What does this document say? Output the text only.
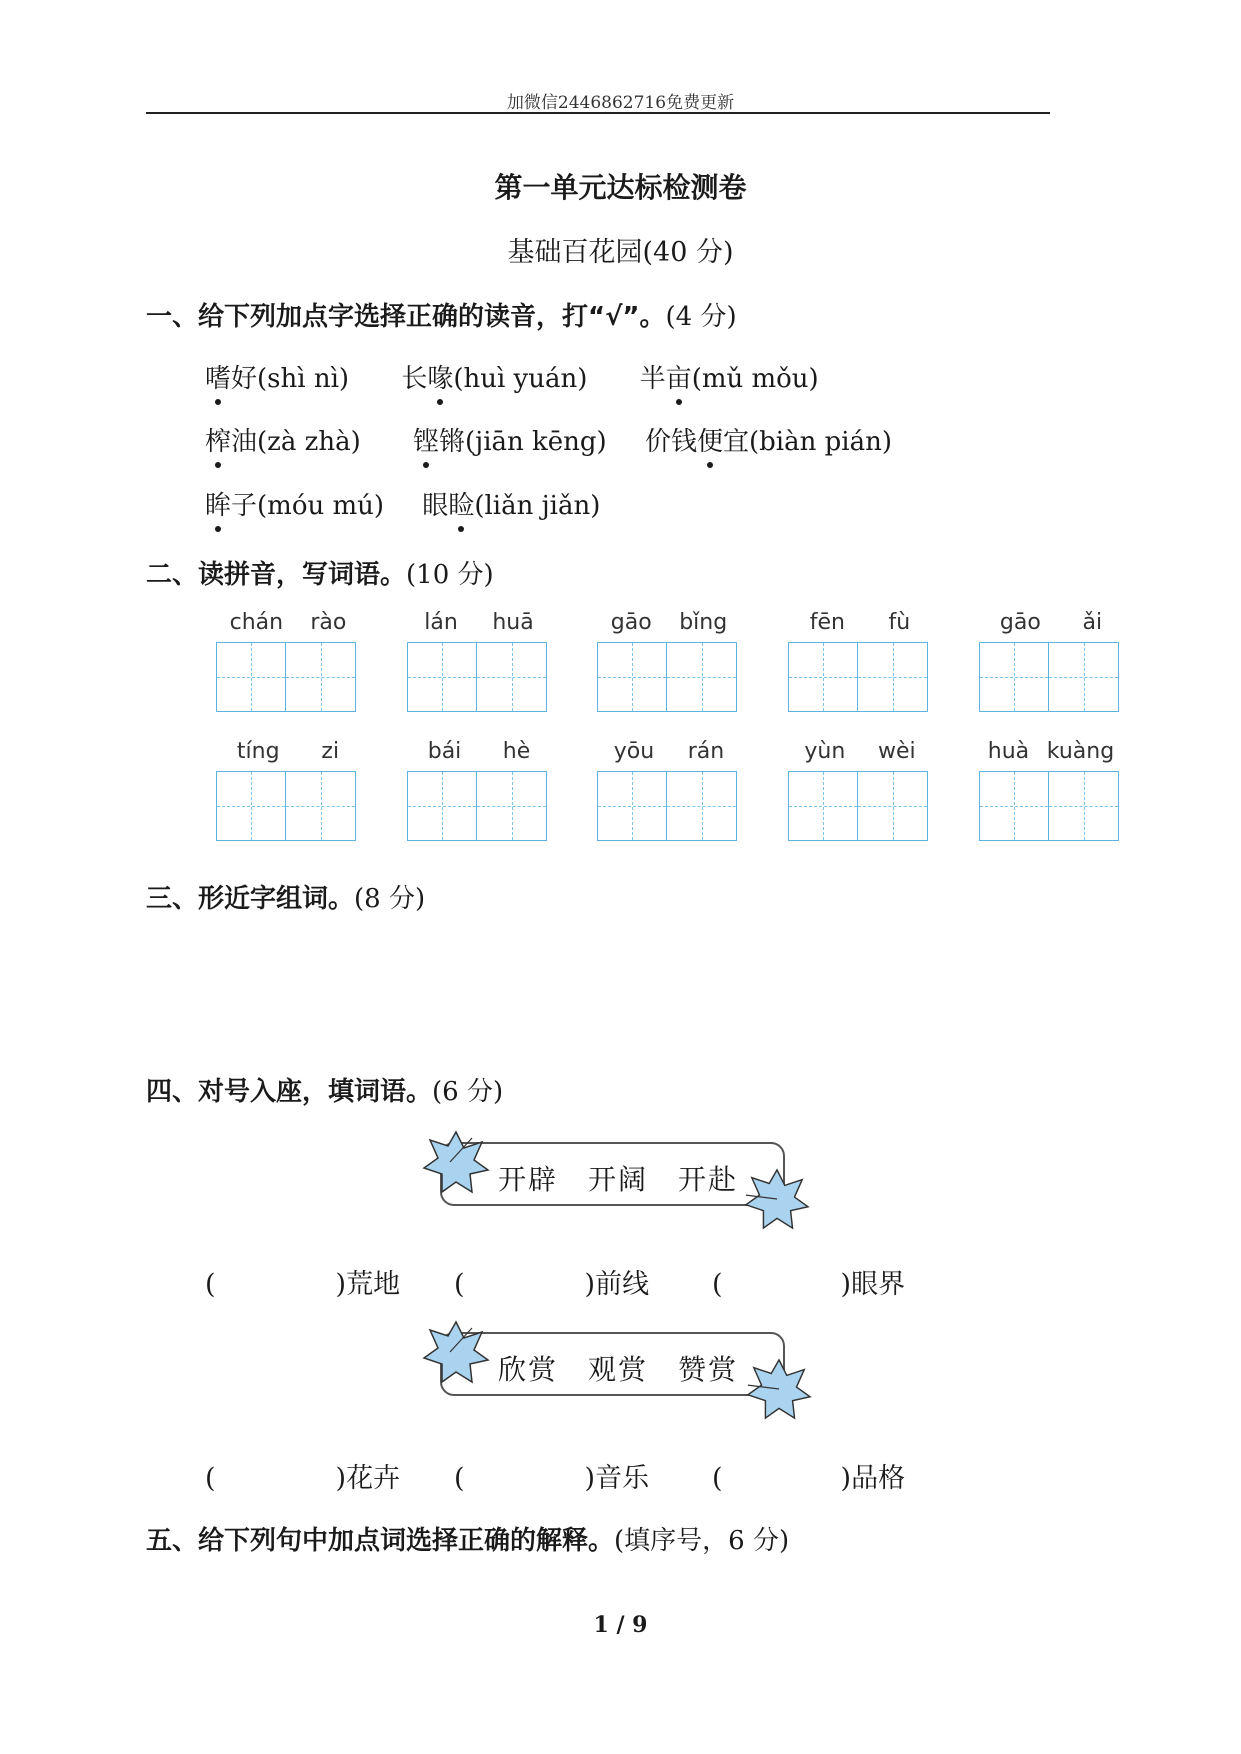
加微信2446862716免费更新
第一单元达标检测卷
基础百花园(40 分)
一、给下列加点字选择正确的读音，打“√”。(4 分)
嗜好(shì nì) 长喙(huì yuán) 半亩(mǔ mǒu)
榨油(zà zhà) 铿锵(jiān kēng) 价钱便宜(biàn pián)
眸子(móu mú) 眼睑(liǎn jiǎn)
二、读拼音，写词语。(10 分)
chán rào	lán huā	gāo bǐng	fēn fù	gāo ǎi
tíng zi	bái hè	yōu rán	yùn wèi	huà kuàng
三、形近字组词。(8 分)
四、对号入座，填词语。(6 分)
开辟 开阔 开赴
(	)荒地 (	)前线 (	)眼界
欣赏 观赏 赞赏
(	)花卉 (	)音乐 (	)品格
五、给下列句中加点词选择正确的解释。(填序号，6 分)
1 / 9
